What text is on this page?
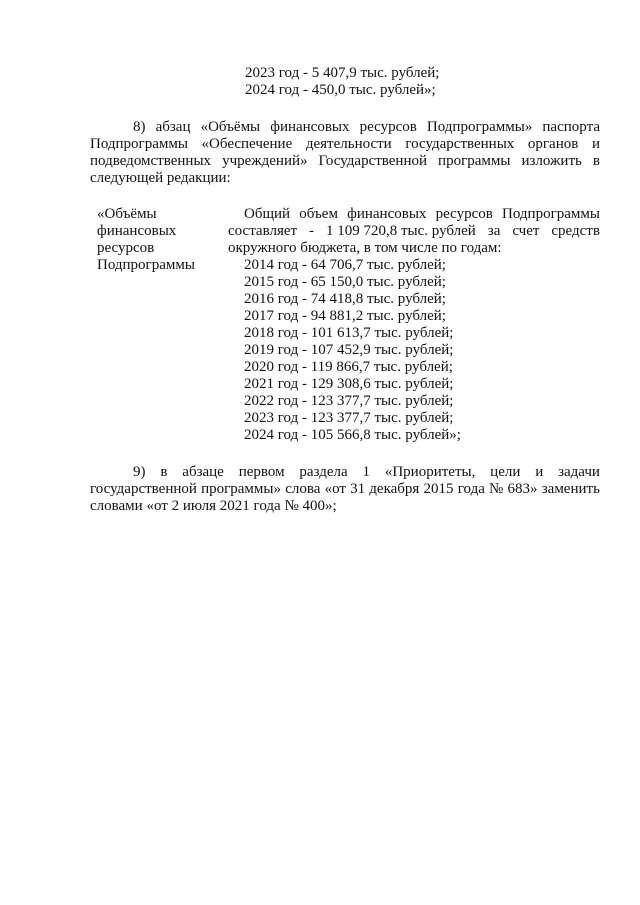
2023 год - 5 407,9 тыс. рублей;
2024 год - 450,0 тыс. рублей»;
8) абзац «Объёмы финансовых ресурсов Подпрограммы» паспорта
Подпрограммы «Обеспечение деятельности государственных органов и
подведомственных учреждений» Государственной программы изложить в
следующей редакции:
«Объёмы
финансовых
ресурсов
Подпрограммы
Общий объем финансовых ресурсов Подпрограммы
составляет - 1 109 720,8 тыс. рублей за счет средств
окружного бюджета, в том числе по годам:
2014 год - 64 706,7 тыс. рублей;
2015 год - 65 150,0 тыс. рублей;
2016 год - 74 418,8 тыс. рублей;
2017 год - 94 881,2 тыс. рублей;
2018 год - 101 613,7 тыс. рублей;
2019 год - 107 452,9 тыс. рублей;
2020 год - 119 866,7 тыс. рублей;
2021 год - 129 308,6 тыс. рублей;
2022 год - 123 377,7 тыс. рублей;
2023 год - 123 377,7 тыс. рублей;
2024 год - 105 566,8 тыс. рублей»;
9) в абзаце первом раздела 1 «Приоритеты, цели и задачи
государственной программы» слова «от 31 декабря 2015 года № 683» заменить
словами «от 2 июля 2021 года № 400»;
